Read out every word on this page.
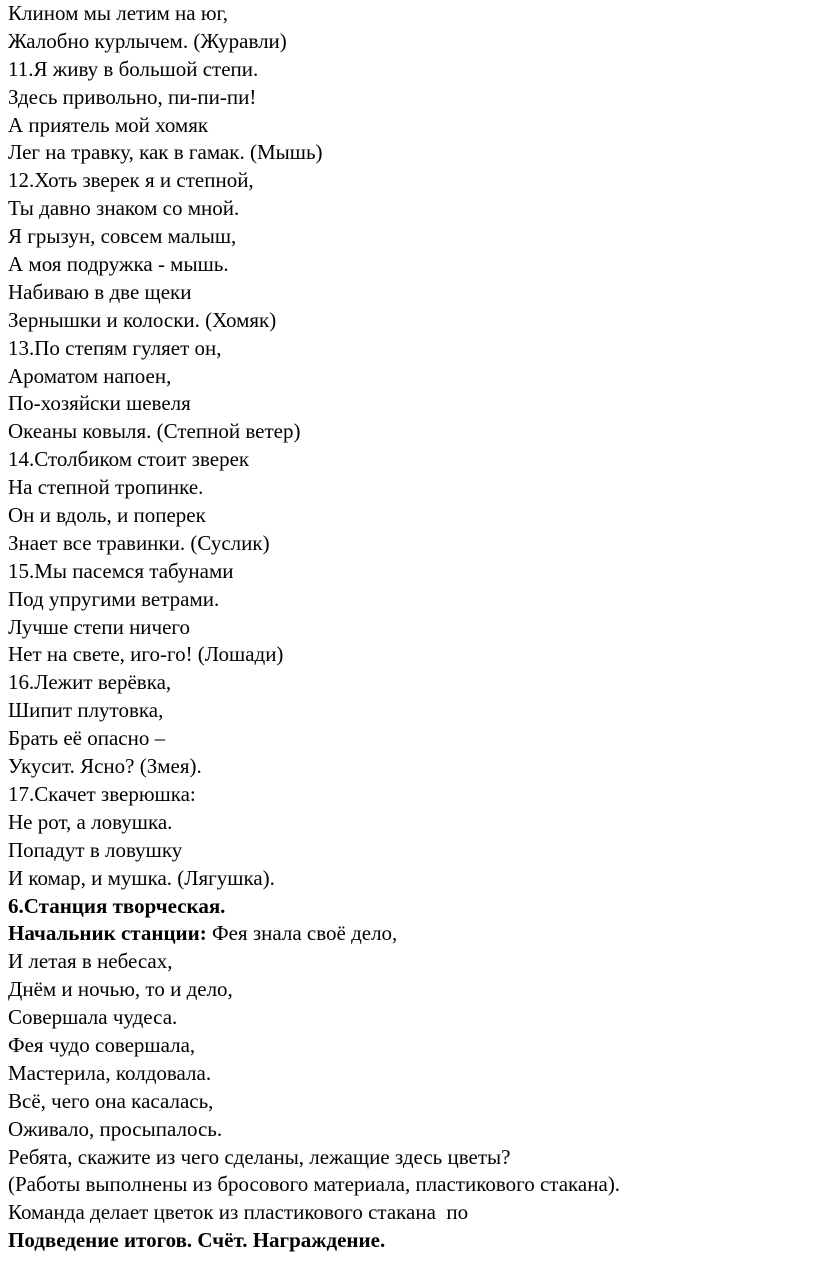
Клином мы летим на юг,
Жалобно курлычем. (Журавли)
11.Я живу в большой степи.
Здесь привольно, пи-пи-пи!
А приятель мой хомяк
Лег на травку, как в гамак. (Мышь)
12.Хоть зверек я и степной,
Ты давно знаком со мной.
Я грызун, совсем малыш,
А моя подружка - мышь.
Набиваю в две щеки
Зернышки и колоски. (Хомяк)
13.По степям гуляет он,
Ароматом напоен,
По-хозяйски шевеля
Океаны ковыля. (Степной ветер)
14.Столбиком стоит зверек
На степной тропинке.
Он и вдоль, и поперек
Знает все травинки. (Суслик)
15.Мы пасемся табунами
Под упругими ветрами.
Лучше степи ничего
Нет на свете, иго-го! (Лошади)
16.Лежит верёвка,
Шипит плутовка,
Брать её опасно –
Укусит. Ясно? (Змея).
17.Скачет зверюшка:
Не рот, а ловушка.
Попадут в ловушку
И комар, и мушка. (Лягушка).
6.Станция творческая.
Начальник станции: Фея знала своё дело,
И летая в небесах,
Днём и ночью, то и дело,
Совершала чудеса.
Фея чудо совершала,
Мастерила, колдовала.
Всё, чего она касалась,
Оживало, просыпалось.
Ребята, скажите из чего сделаны, лежащие здесь цветы?
(Работы выполнены из бросового материала, пластикового стакана).
Команда делает цветок из пластикового стакана  по
Подведение итогов. Счёт. Награждение.
